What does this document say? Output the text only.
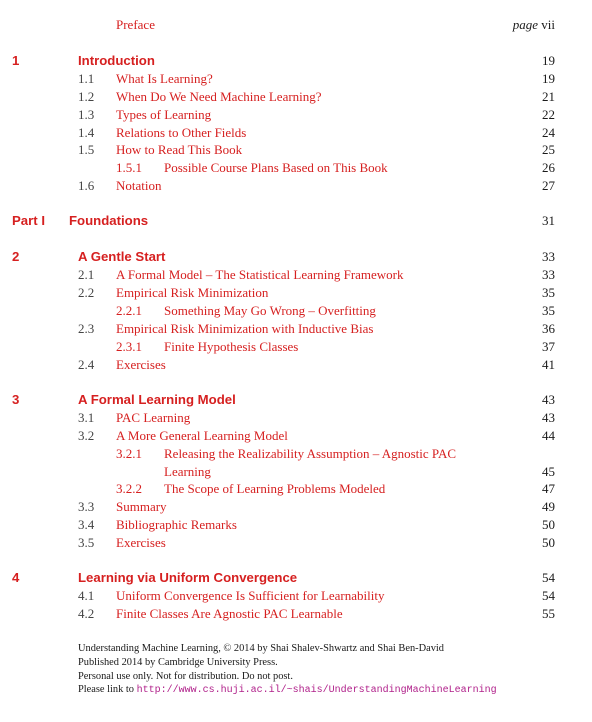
Preface	page vii
1	Introduction	19
1.1 What Is Learning?	19
1.2 When Do We Need Machine Learning?	21
1.3 Types of Learning	22
1.4 Relations to Other Fields	24
1.5 How to Read This Book	25
1.5.1 Possible Course Plans Based on This Book	26
1.6 Notation	27
Part I Foundations	31
2	A Gentle Start	33
2.1 A Formal Model – The Statistical Learning Framework	33
2.2 Empirical Risk Minimization	35
2.2.1 Something May Go Wrong – Overfitting	35
2.3 Empirical Risk Minimization with Inductive Bias	36
2.3.1 Finite Hypothesis Classes	37
2.4 Exercises	41
3	A Formal Learning Model	43
3.1 PAC Learning	43
3.2 A More General Learning Model	44
3.2.1 Releasing the Realizability Assumption – Agnostic PAC
Learning	45
3.2.2 The Scope of Learning Problems Modeled	47
3.3 Summary	49
3.4 Bibliographic Remarks	50
3.5 Exercises	50
4	Learning via Uniform Convergence	54
4.1 Uniform Convergence Is Sufficient for Learnability	54
4.2 Finite Classes Are Agnostic PAC Learnable	55
Understanding Machine Learning, © 2014 by Shai Shalev-Shwartz and Shai Ben-David
Published 2014 by Cambridge University Press.
Personal use only. Not for distribution. Do not post.
Please link to http://www.cs.huji.ac.il/~shais/UnderstandingMachineLearning
